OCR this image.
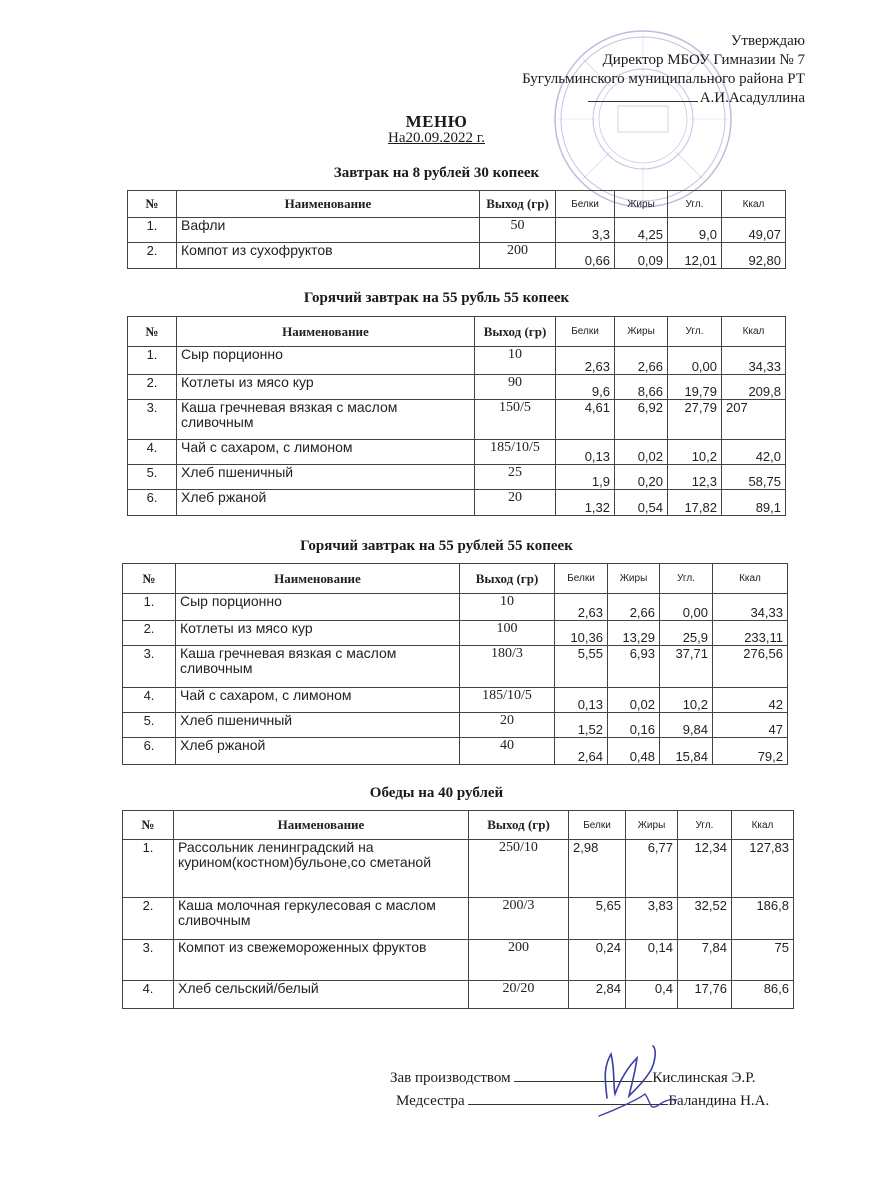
Утверждаю
Директор МБОУ Гимназии № 7
Бугульминского муниципального района РТ
А.И.Асадуллина
МЕНЮ
На20.09.2022 г.
Завтрак на 8 рублей 30 копеек
№	Наименование	Выход (гр)	Белки	Жиры	Угл.	Ккал
1.	Вафли	50	3,3	4,25	9,0	49,07
2.	Компот из сухофруктов	200	0,66	0,09	12,01	92,80
Горячий завтрак на 55 рубль 55 копеек
№	Наименование	Выход (гр)	Белки	Жиры	Угл.	Ккал
1.	Сыр порционно	10	2,63	2,66	0,00	34,33
2.	Котлеты из мясо кур	90	9,6	8,66	19,79	209,8
3.	Каша гречневая вязкая с маслом сливочным	150/5	4,61	6,92	27,79	207
4.	Чай с сахаром, с лимоном	185/10/5	0,13	0,02	10,2	42,0
5.	Хлеб пшеничный	25	1,9	0,20	12,3	58,75
6.	Хлеб ржаной	20	1,32	0,54	17,82	89,1
Горячий завтрак на 55 рублей 55 копеек
№	Наименование	Выход (гр)	Белки	Жиры	Угл.	Ккал
1.	Сыр порционно	10	2,63	2,66	0,00	34,33
2.	Котлеты из мясо кур	100	10,36	13,29	25,9	233,11
3.	Каша гречневая вязкая с маслом сливочным	180/3	5,55	6,93	37,71	276,56
4.	Чай с сахаром, с лимоном	185/10/5	0,13	0,02	10,2	42
5.	Хлеб пшеничный	20	1,52	0,16	9,84	47
6.	Хлеб ржаной	40	2,64	0,48	15,84	79,2
Обеды на 40 рублей
№	Наименование	Выход (гр)	Белки	Жиры	Угл.	Ккал
1.	Рассольник ленинградский на курином(костном)бульоне,со сметаной	250/10	2,98	6,77	12,34	127,83
2.	Каша молочная геркулесовая с маслом сливочным	200/3	5,65	3,83	32,52	186,8
3.	Компот из свежемороженных фруктов	200	0,24	0,14	7,84	75
4.	Хлеб сельский/белый	20/20	2,84	0,4	17,76	86,6
Зав производством	Кислинская Э.Р.
Медсестра	Баландина Н.А.
